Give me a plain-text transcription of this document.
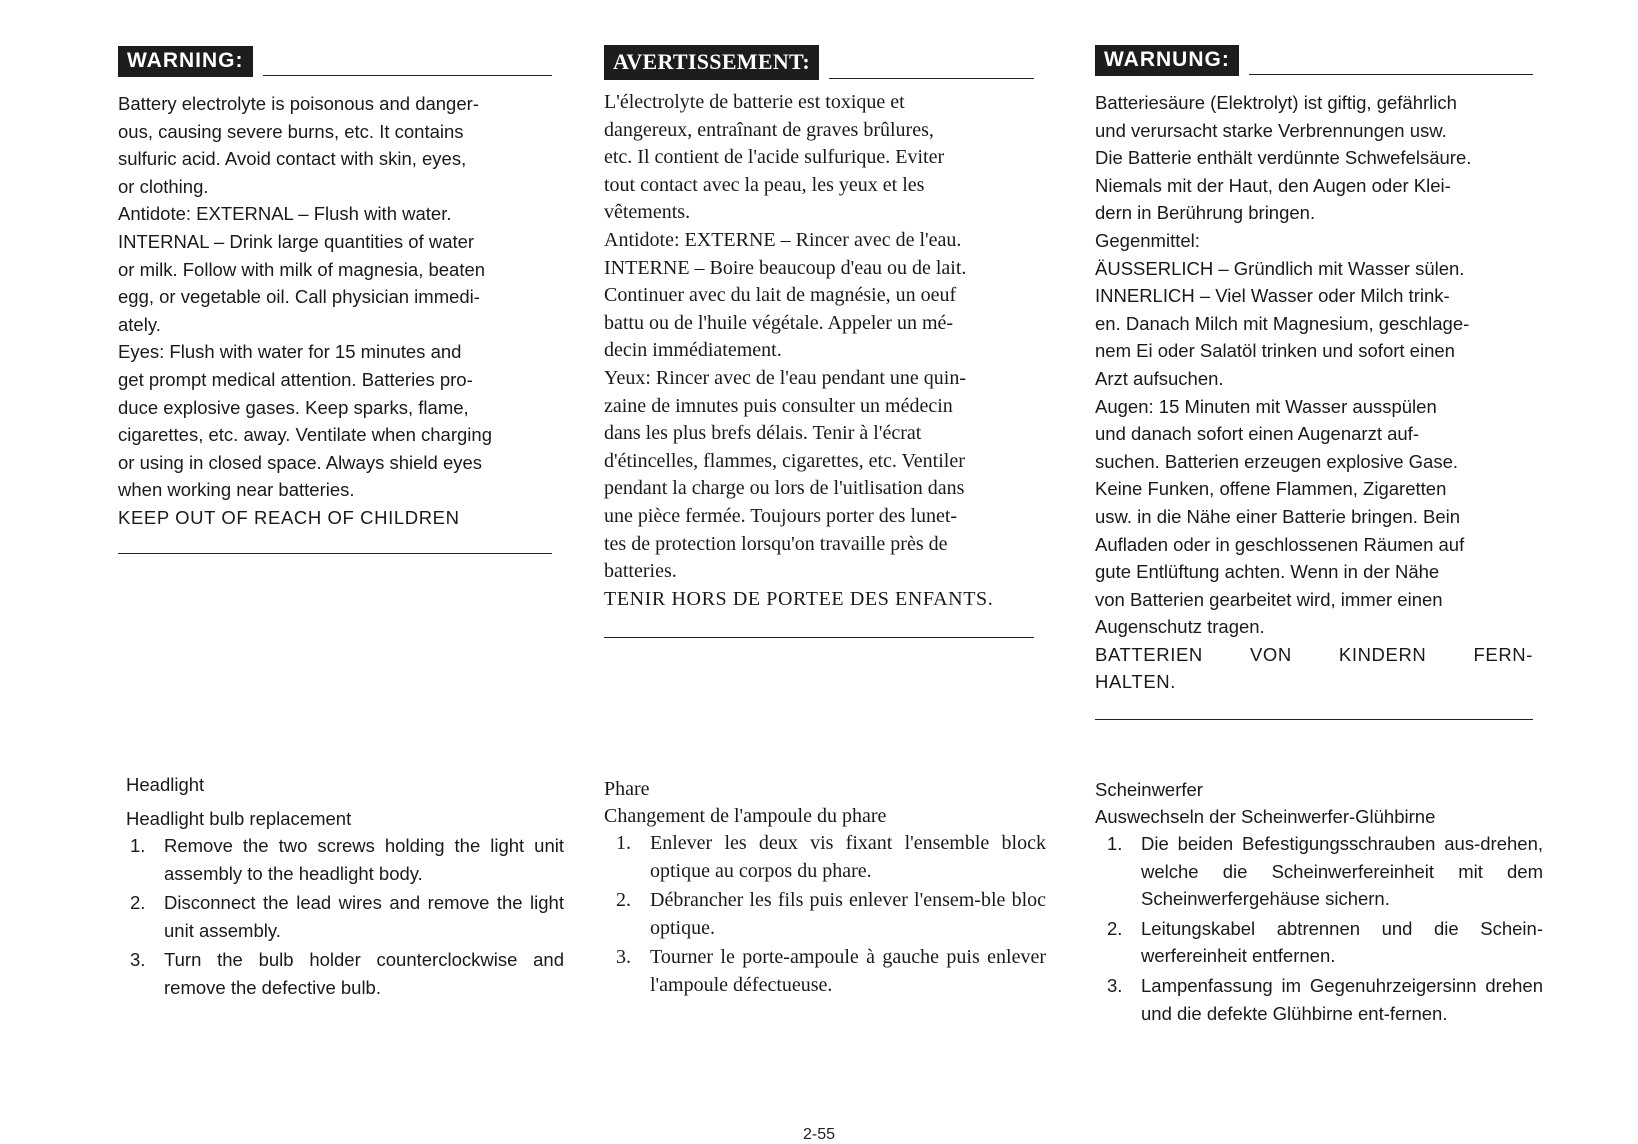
WARNING:
Battery electrolyte is poisonous and danger-
ous, causing severe burns, etc. It contains
sulfuric acid. Avoid contact with skin, eyes,
or clothing.
Antidote: EXTERNAL – Flush with water.
INTERNAL – Drink large quantities of water
or milk. Follow with milk of magnesia, beaten
egg, or vegetable oil. Call physician immedi-
ately.
Eyes: Flush with water for 15 minutes and
get prompt medical attention. Batteries pro-
duce explosive gases. Keep sparks, flame,
cigarettes, etc. away. Ventilate when charging
or using in closed space. Always shield eyes
when working near batteries.
KEEP OUT OF REACH OF CHILDREN

Headlight

Headlight bulb replacement

1.	Remove the two screws holding the light unit assembly to the headlight body.
2.	Disconnect the lead wires and remove the light unit assembly.
3.	Turn the bulb holder counterclockwise and remove the defective bulb.
AVERTISSEMENT:
L'électrolyte de batterie est toxique et
dangereux, entraînant de graves brûlures,
etc. Il contient de l'acide sulfurique. Eviter
tout contact avec la peau, les yeux et les
vêtements.
Antidote: EXTERNE – Rincer avec de l'eau.
INTERNE – Boire beaucoup d'eau ou de lait.
Continuer avec du lait de magnésie, un oeuf
battu ou de l'huile végétale. Appeler un mé-
decin immédiatement.
Yeux: Rincer avec de l'eau pendant une quin-
zaine de imnutes puis consulter un médecin
dans les plus brefs délais. Tenir à l'écrat
d'étincelles, flammes, cigarettes, etc. Ventiler
pendant la charge ou lors de l'uitlisation dans
une pièce fermée. Toujours porter des lunet-
tes de protection lorsqu'on travaille près de
batteries.
TENIR HORS DE PORTEE DES ENFANTS.

Phare

Changement de l'ampoule du phare

1. Enlever les deux vis fixant l'ensemble block optique au corpos du phare.
2. Débrancher les fils puis enlever l'ensem-ble bloc optique.
3. Tourner le porte-ampoule à gauche puis enlever l'ampoule défectueuse.
WARNUNG:
Batteriesäure (Elektrolyt) ist giftig, gefährlich
und verursacht starke Verbrennungen usw.
Die Batterie enthält verdünnte Schwefelsäure.
Niemals mit der Haut, den Augen oder Klei-
dern in Berührung bringen.
Gegenmittel:
ÄUSSERLICH – Gründlich mit Wasser sülen.
INNERLICH – Viel Wasser oder Milch trink-
en. Danach Milch mit Magnesium, geschlage-
nem Ei oder Salatöl trinken und sofort einen
Arzt aufsuchen.
Augen: 15 Minuten mit Wasser ausspülen
und danach sofort einen Augenarzt auf-
suchen. Batterien erzeugen explosive Gase.
Keine Funken, offene Flammen, Zigaretten
usw. in die Nähe einer Batterie bringen. Bein
Aufladen oder in geschlossenen Räumen auf
gute Entlüftung achten. Wenn in der Nähe
von Batterien gearbeitet wird, immer einen
Augenschutz tragen.
BATTERIEN VON KINDERN FERN-
HALTEN.

Scheinwerfer

Auswechseln der Scheinwerfer-Glühbirne

1.	Die beiden Befestigungsschrauben aus-drehen, welche die Scheinwerfereinheit mit dem Scheinwerfergehäuse sichern.
2.	Leitungskabel abtrennen und die Schein-werfereinheit entfernen.
3.	Lampenfassung im Gegenuhrzeigersinn drehen und die defekte Glühbirne ent-fernen.
2-55
